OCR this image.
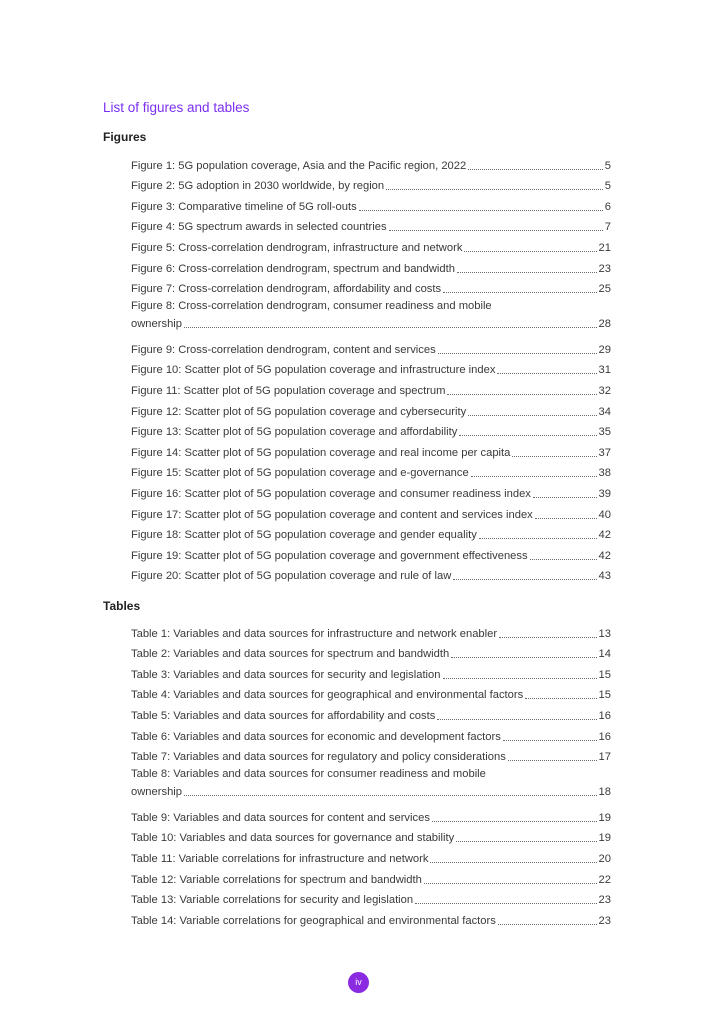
List of figures and tables
Figures
Figure 1: 5G population coverage, Asia and the Pacific region, 2022	5
Figure 2: 5G adoption in 2030 worldwide, by region	5
Figure 3: Comparative timeline of 5G roll-outs	6
Figure 4: 5G spectrum awards in selected countries	7
Figure 5: Cross-correlation dendrogram, infrastructure and network	21
Figure 6: Cross-correlation dendrogram, spectrum and bandwidth	23
Figure 7: Cross-correlation dendrogram, affordability and costs	25
Figure 8: Cross-correlation dendrogram, consumer readiness and mobile
ownership	28
Figure 9: Cross-correlation dendrogram, content and services	29
Figure 10: Scatter plot of 5G population coverage and infrastructure index	31
Figure 11: Scatter plot of 5G population coverage and spectrum	32
Figure 12: Scatter plot of 5G population coverage and cybersecurity	34
Figure 13: Scatter plot of 5G population coverage and affordability	35
Figure 14: Scatter plot of 5G population coverage and real income per capita	37
Figure 15: Scatter plot of 5G population coverage and e-governance	38
Figure 16: Scatter plot of 5G population coverage and consumer readiness index	39
Figure 17: Scatter plot of 5G population coverage and content and services index	40
Figure 18: Scatter plot of 5G population coverage and gender equality	42
Figure 19: Scatter plot of 5G population coverage and government effectiveness	42
Figure 20: Scatter plot of 5G population coverage and rule of law	43
Tables
Table 1: Variables and data sources for infrastructure and network enabler	13
Table 2: Variables and data sources for spectrum and bandwidth	14
Table 3: Variables and data sources for security and legislation	15
Table 4: Variables and data sources for geographical and environmental factors	15
Table 5: Variables and data sources for affordability and costs	16
Table 6: Variables and data sources for economic and development factors	16
Table 7: Variables and data sources for regulatory and policy considerations	17
Table 8: Variables and data sources for consumer readiness and mobile
ownership	18
Table 9: Variables and data sources for content and services	19
Table 10: Variables and data sources for governance and stability	19
Table 11: Variable correlations for infrastructure and network	20
Table 12: Variable correlations for spectrum and bandwidth	22
Table 13: Variable correlations for security and legislation	23
Table 14: Variable correlations for geographical and environmental factors	23
iv
